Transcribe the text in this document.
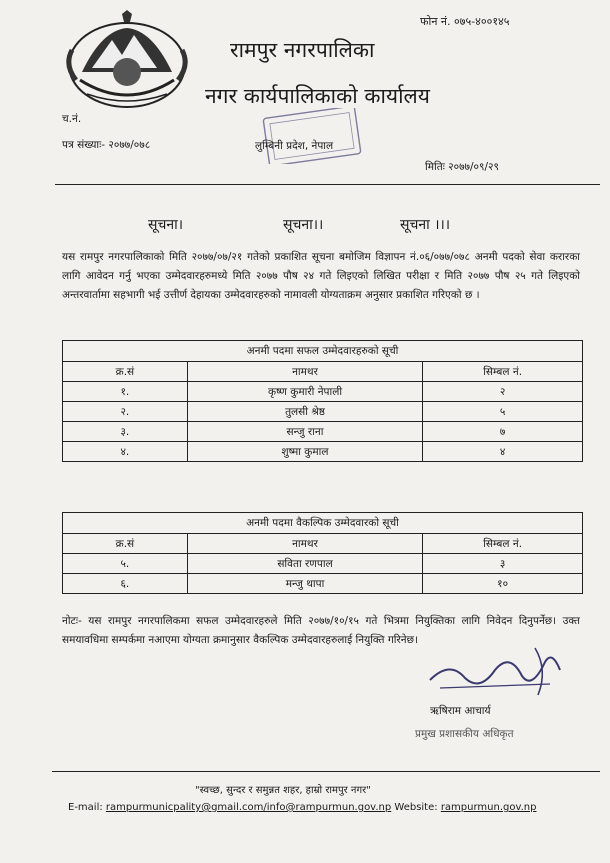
फोन नं. ०७५-४००१४५
रामपुर नगरपालिका
नगर कार्यपालिकाको कार्यालय
च.नं.
पत्र संख्याः- २०७७/०७८	लुम्बिनी प्रदेश, नेपाल
मितिः २०७७/०९/२९
सूचना।	सूचना।।	सूचना ।।।
यस रामपुर नगरपालिकाको मिति २०७७/०७/२१ गतेको प्रकाशित सूचना बमोजिम विज्ञापन नं.०६/०७७/०७८ अनमी पदको सेवा करारका लागि आवेदन गर्नु भएका उम्मेदवारहरुमध्ये मिति २०७७ पौष २४ गते लिइएको लिखित परीक्षा र मिति २०७७ पौष २५ गते लिइएको अन्तरवार्तामा सहभागी भई उत्तीर्ण देहायका उम्मेदवारहरुको नामावली योग्यताक्रम अनुसार प्रकाशित गरिएको छ ।
अनमी पदमा सफल उम्मेदवारहरुको सूची		
क्र.सं	नामथर	सिम्बल नं.
१.	कृष्ण कुमारी नेपाली	२
२.	तुलसी श्रेष्ठ	५
३.	सन्जु राना	७
४.	शुष्मा कुमाल	४
अनमी पदमा वैकल्पिक उम्मेदवारको सूची		
क्र.सं	नामथर	सिम्बल नं.
५.	सविता रणपाल	३
६.	मन्जु थापा	१०
नोटः- यस रामपुर नगरपालिकमा सफल उम्मेदवारहरुले मिति २०७७/१०/१५ गते भित्रमा नियुक्तिका लागि निवेदन दिनुपर्नेछ। उक्त समयावधिमा सम्पर्कमा नआएमा योग्यता क्रमानुसार वैकल्पिक उम्मेदवारहरुलाई नियुक्ति गरिनेछ।
ऋषिराम आचार्य
प्रमुख प्रशासकीय अधिकृत
"स्वच्छ, सुन्दर र समुन्नत शहर, हाम्रो रामपुर नगर"
E-mail: rampurmunicpality@gmail.com/info@rampurmun.gov.np Website: rampurmun.gov.np
